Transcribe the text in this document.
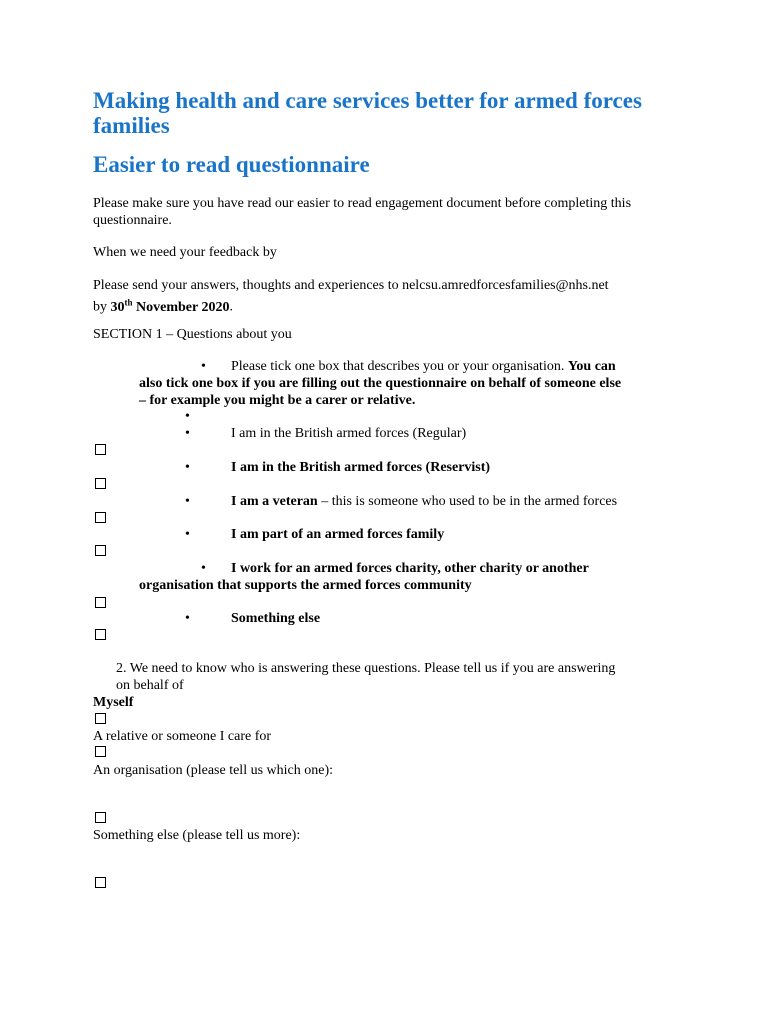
Making health and care services better for armed forces families
Easier to read questionnaire
Please make sure you have read our easier to read engagement document before completing this questionnaire.
When we need your feedback by
Please send your answers, thoughts and experiences to nelcsu.amredforcesfamilies@nhs.net
by 30th November 2020.
SECTION 1 – Questions about you
• Please tick one box that describes you or your organisation. You can
also tick one box if you are filling out the questionnaire on behalf of someone else
– for example you might be a carer or relative.
•
•	I am in the British armed forces (Regular)
•	I am in the British armed forces (Reservist)
•	I am a veteran – this is someone who used to be in the armed forces
•	I am part of an armed forces family
• I work for an armed forces charity, other charity or another
organisation that supports the armed forces community
•	Something else
2. We need to know who is answering these questions. Please tell us if you are answering
on behalf of
Myself
A relative or someone I care for
An organisation (please tell us which one):
Something else (please tell us more):
